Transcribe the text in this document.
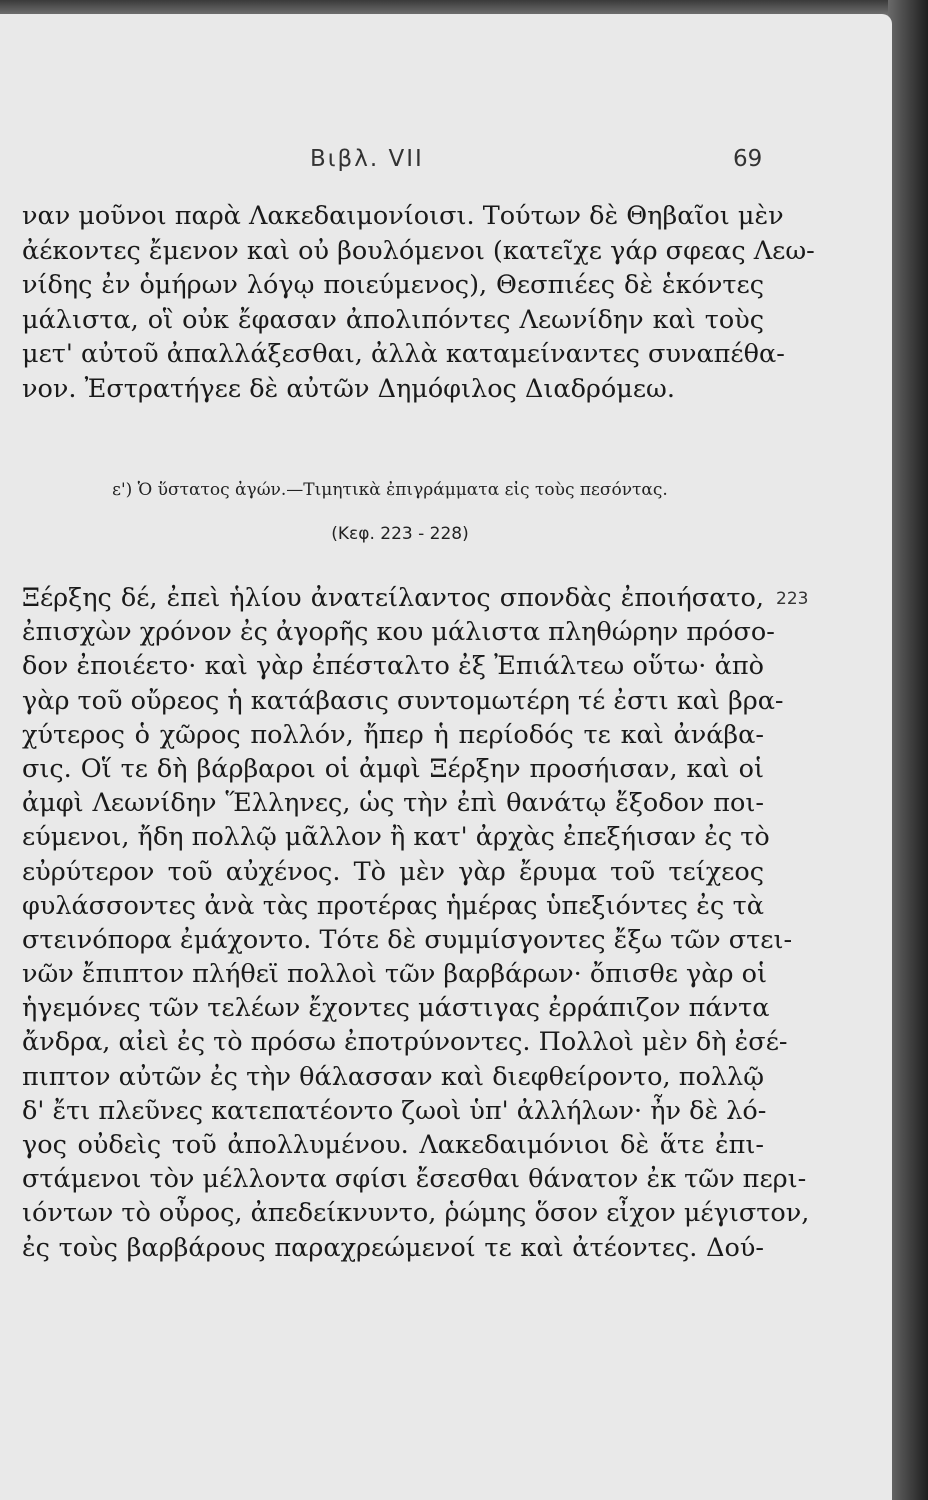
Βιβλ. VII	69
ναν μοῦνοι παρὰ Λακεδαιμονίοισι. Τούτων δὲ Θηβαῖοι μὲν
ἀέκοντες ἔμενον καὶ οὐ βουλόμενοι (κατεῖχε γάρ σφεας Λεω-
νίδης ἐν ὁμήρων λόγῳ ποιεύμενος), Θεσπιέες δὲ ἑκόντες
μάλιστα, οἳ οὐκ ἔφασαν ἀπολιπόντες Λεωνίδην καὶ τοὺς
μετ' αὐτοῦ ἀπαλλάξεσθαι, ἀλλὰ καταμείναντες συναπέθα-
νον. Ἐστρατήγεε δὲ αὐτῶν Δημόφιλος Διαδρόμεω.
ε') Ὁ ὕστατος ἀγών.—Τιμητικὰ ἐπιγράμματα εἰς τοὺς πεσόντας.
(Κεφ. 223 - 228)
223
Ξέρξης δέ, ἐπεὶ ἡλίου ἀνατείλαντος σπονδὰς ἐποιήσατο,
ἐπισχὼν χρόνον ἐς ἀγορῆς κου μάλιστα πληθώρην πρόσο-
δον ἐποιέετο· καὶ γὰρ ἐπέσταλτο ἐξ Ἐπιάλτεω οὕτω· ἀπὸ
γὰρ τοῦ οὔρεος ἡ κατάβασις συντομωτέρη τέ ἐστι καὶ βρα-
χύτερος ὁ χῶρος πολλόν, ἤπερ ἡ περίοδός τε καὶ ἀνάβα-
σις. Οἵ τε δὴ βάρβαροι οἱ ἀμφὶ Ξέρξην προσήισαν, καὶ οἱ
ἀμφὶ Λεωνίδην Ἕλληνες, ὡς τὴν ἐπὶ θανάτῳ ἔξοδον ποι-
εύμενοι, ἤδη πολλῷ μᾶλλον ἢ κατ' ἀρχὰς ἐπεξήισαν ἐς τὸ
εὐρύτερον τοῦ αὐχένος. Τὸ μὲν γὰρ ἔρυμα τοῦ τείχεος
φυλάσσοντες ἀνὰ τὰς προτέρας ἡμέρας ὑπεξιόντες ἐς τὰ
στεινόπορα ἐμάχοντο. Τότε δὲ συμμίσγοντες ἔξω τῶν στει-
νῶν ἔπιπτον πλήθεϊ πολλοὶ τῶν βαρβάρων· ὄπισθε γὰρ οἱ
ἡγεμόνες τῶν τελέων ἔχοντες μάστιγας ἐρράπιζον πάντα
ἄνδρα, αἰεὶ ἐς τὸ πρόσω ἐποτρύνοντες. Πολλοὶ μὲν δὴ ἐσέ-
πιπτον αὐτῶν ἐς τὴν θάλασσαν καὶ διεφθείροντο, πολλῷ
δ' ἔτι πλεῦνες κατεπατέοντο ζωοὶ ὑπ' ἀλλήλων· ἦν δὲ λό-
γος οὐδεὶς τοῦ ἀπολλυμένου. Λακεδαιμόνιοι δὲ ἅτε ἐπι-
στάμενοι τὸν μέλλοντα σφίσι ἔσεσθαι θάνατον ἐκ τῶν περι-
ιόντων τὸ οὖρος, ἀπεδείκνυντο, ῥώμης ὅσον εἶχον μέγιστον,
ἐς τοὺς βαρβάρους παραχρεώμενοί τε καὶ ἀτέοντες. Δού-
